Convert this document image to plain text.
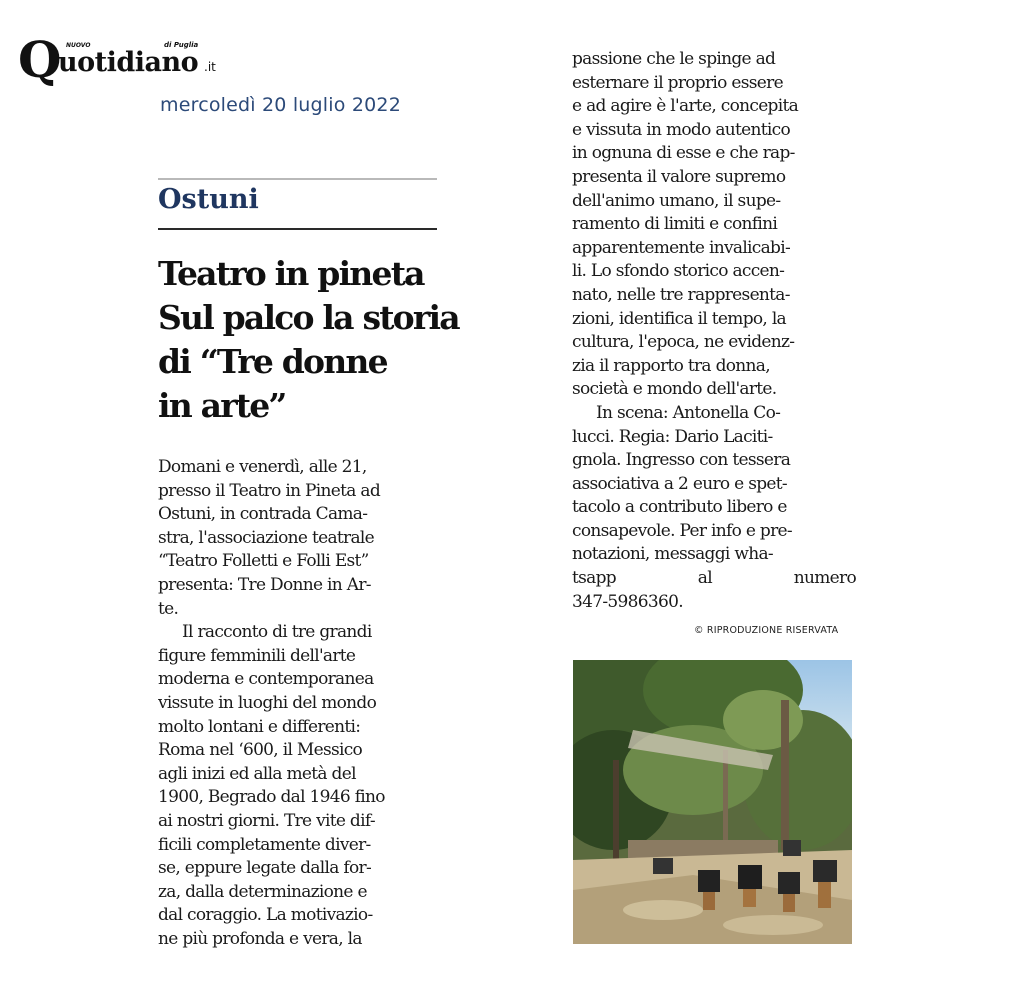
NUOVO
Q
uotidiano
di Puglia
.it
mercoledì 20 luglio 2022
Ostuni
Teatro in pineta
Sul palco la storia
di “Tre donne
in arte”
Domani e venerdì, alle 21,
presso il Teatro in Pineta ad
Ostuni, in contrada Cama-
stra, l'associazione teatrale
“Teatro Folletti e Folli Est”
presenta: Tre Donne in Ar-
te.
Il racconto di tre grandi
figure femminili dell'arte
moderna e contemporanea
vissute in luoghi del mondo
molto lontani e differenti:
Roma nel ‘600, il Messico
agli inizi ed alla metà del
1900, Begrado dal 1946 fino
ai nostri giorni. Tre vite dif-
ficili completamente diver-
se, eppure legate dalla for-
za, dalla determinazione e
dal coraggio. La motivazio-
ne più profonda e vera, la
passione che le spinge ad
esternare il proprio essere
e ad agire è l'arte, concepita
e vissuta in modo autentico
in ognuna di esse e che rap-
presenta il valore supremo
dell'animo umano, il supe-
ramento di limiti e confini
apparentemente invalicabi-
li. Lo sfondo storico accen-
nato, nelle tre rappresenta-
zioni, identifica il tempo, la
cultura, l'epoca, ne evidenz-
zia il rapporto tra donna,
società e mondo dell'arte.
In scena: Antonella Co-
lucci. Regia: Dario Laciti-
gnola. Ingresso con tessera
associativa a 2 euro e spet-
tacolo a contributo libero e
consapevole. Per info e pre-
notazioni, messaggi wha-
tsapp	al	numero
347-5986360.
© RIPRODUZIONE RISERVATA
